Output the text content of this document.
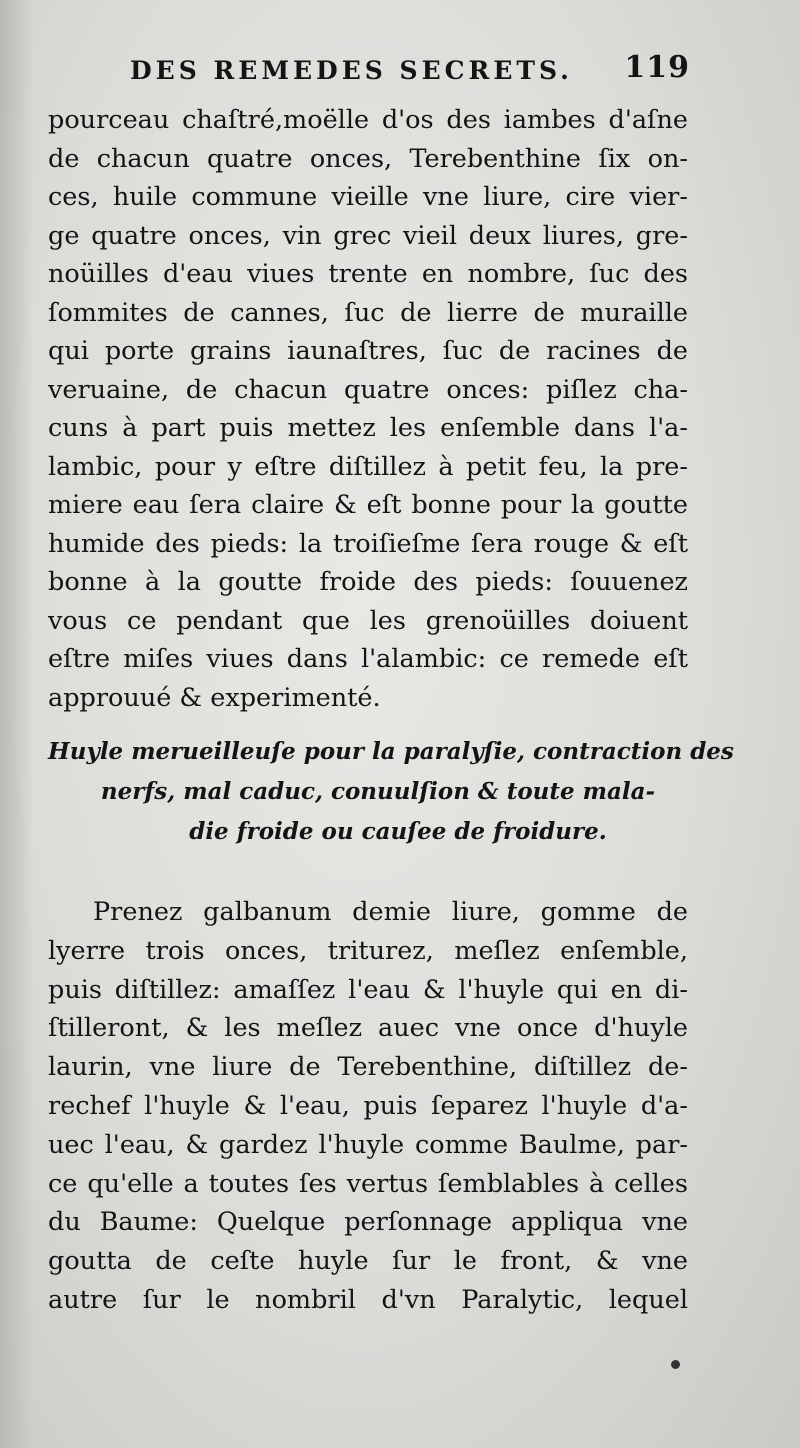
DES REMEDES SECRETS. 119
pourceau chaſtré,moëlle d'os des iambes d'aſne
de chacun quatre onces, Terebenthine ſix on-
ces, huile commune vieille vne liure, cire vier-
ge quatre onces, vin grec vieil deux liures, gre-
noüilles d'eau viues trente en nombre, ſuc des
ſommites de cannes, ſuc de lierre de muraille
qui porte grains iaunaſtres, ſuc de racines de
veruaine, de chacun quatre onces: piſlez cha-
cuns à part puis mettez les enſemble dans l'a-
lambic, pour y eſtre diſtillez à petit feu, la pre-
miere eau ſera claire & eſt bonne pour la goutte
humide des pieds: la troiſieſme ſera rouge & eſt
bonne à la goutte froide des pieds: ſouuenez
vous ce pendant que les grenoüilles doiuent
eſtre miſes viues dans l'alambic: ce remede eſt
approuué & experimenté.
Huyle merueilleuſe pour la paralyſie, contraction des
nerfs, mal caduc, conuulſion & toute mala-
die froide ou cauſee de froidure.
Prenez galbanum demie liure, gomme de
lyerre trois onces, triturez, meſlez enſemble,
puis diſtillez: amaſſez l'eau & l'huyle qui en di-
ſtilleront, & les meſlez auec vne once d'huyle
laurin, vne liure de Terebenthine, diſtillez de-
rechef l'huyle & l'eau, puis ſeparez l'huyle d'a-
uec l'eau, & gardez l'huyle comme Baulme, par-
ce qu'elle a toutes ſes vertus ſemblables à celles
du Baume: Quelque perſonnage appliqua vne
goutta de ceſte huyle ſur le front, & vne
autre ſur le nombril d'vn Paralytic, lequel
